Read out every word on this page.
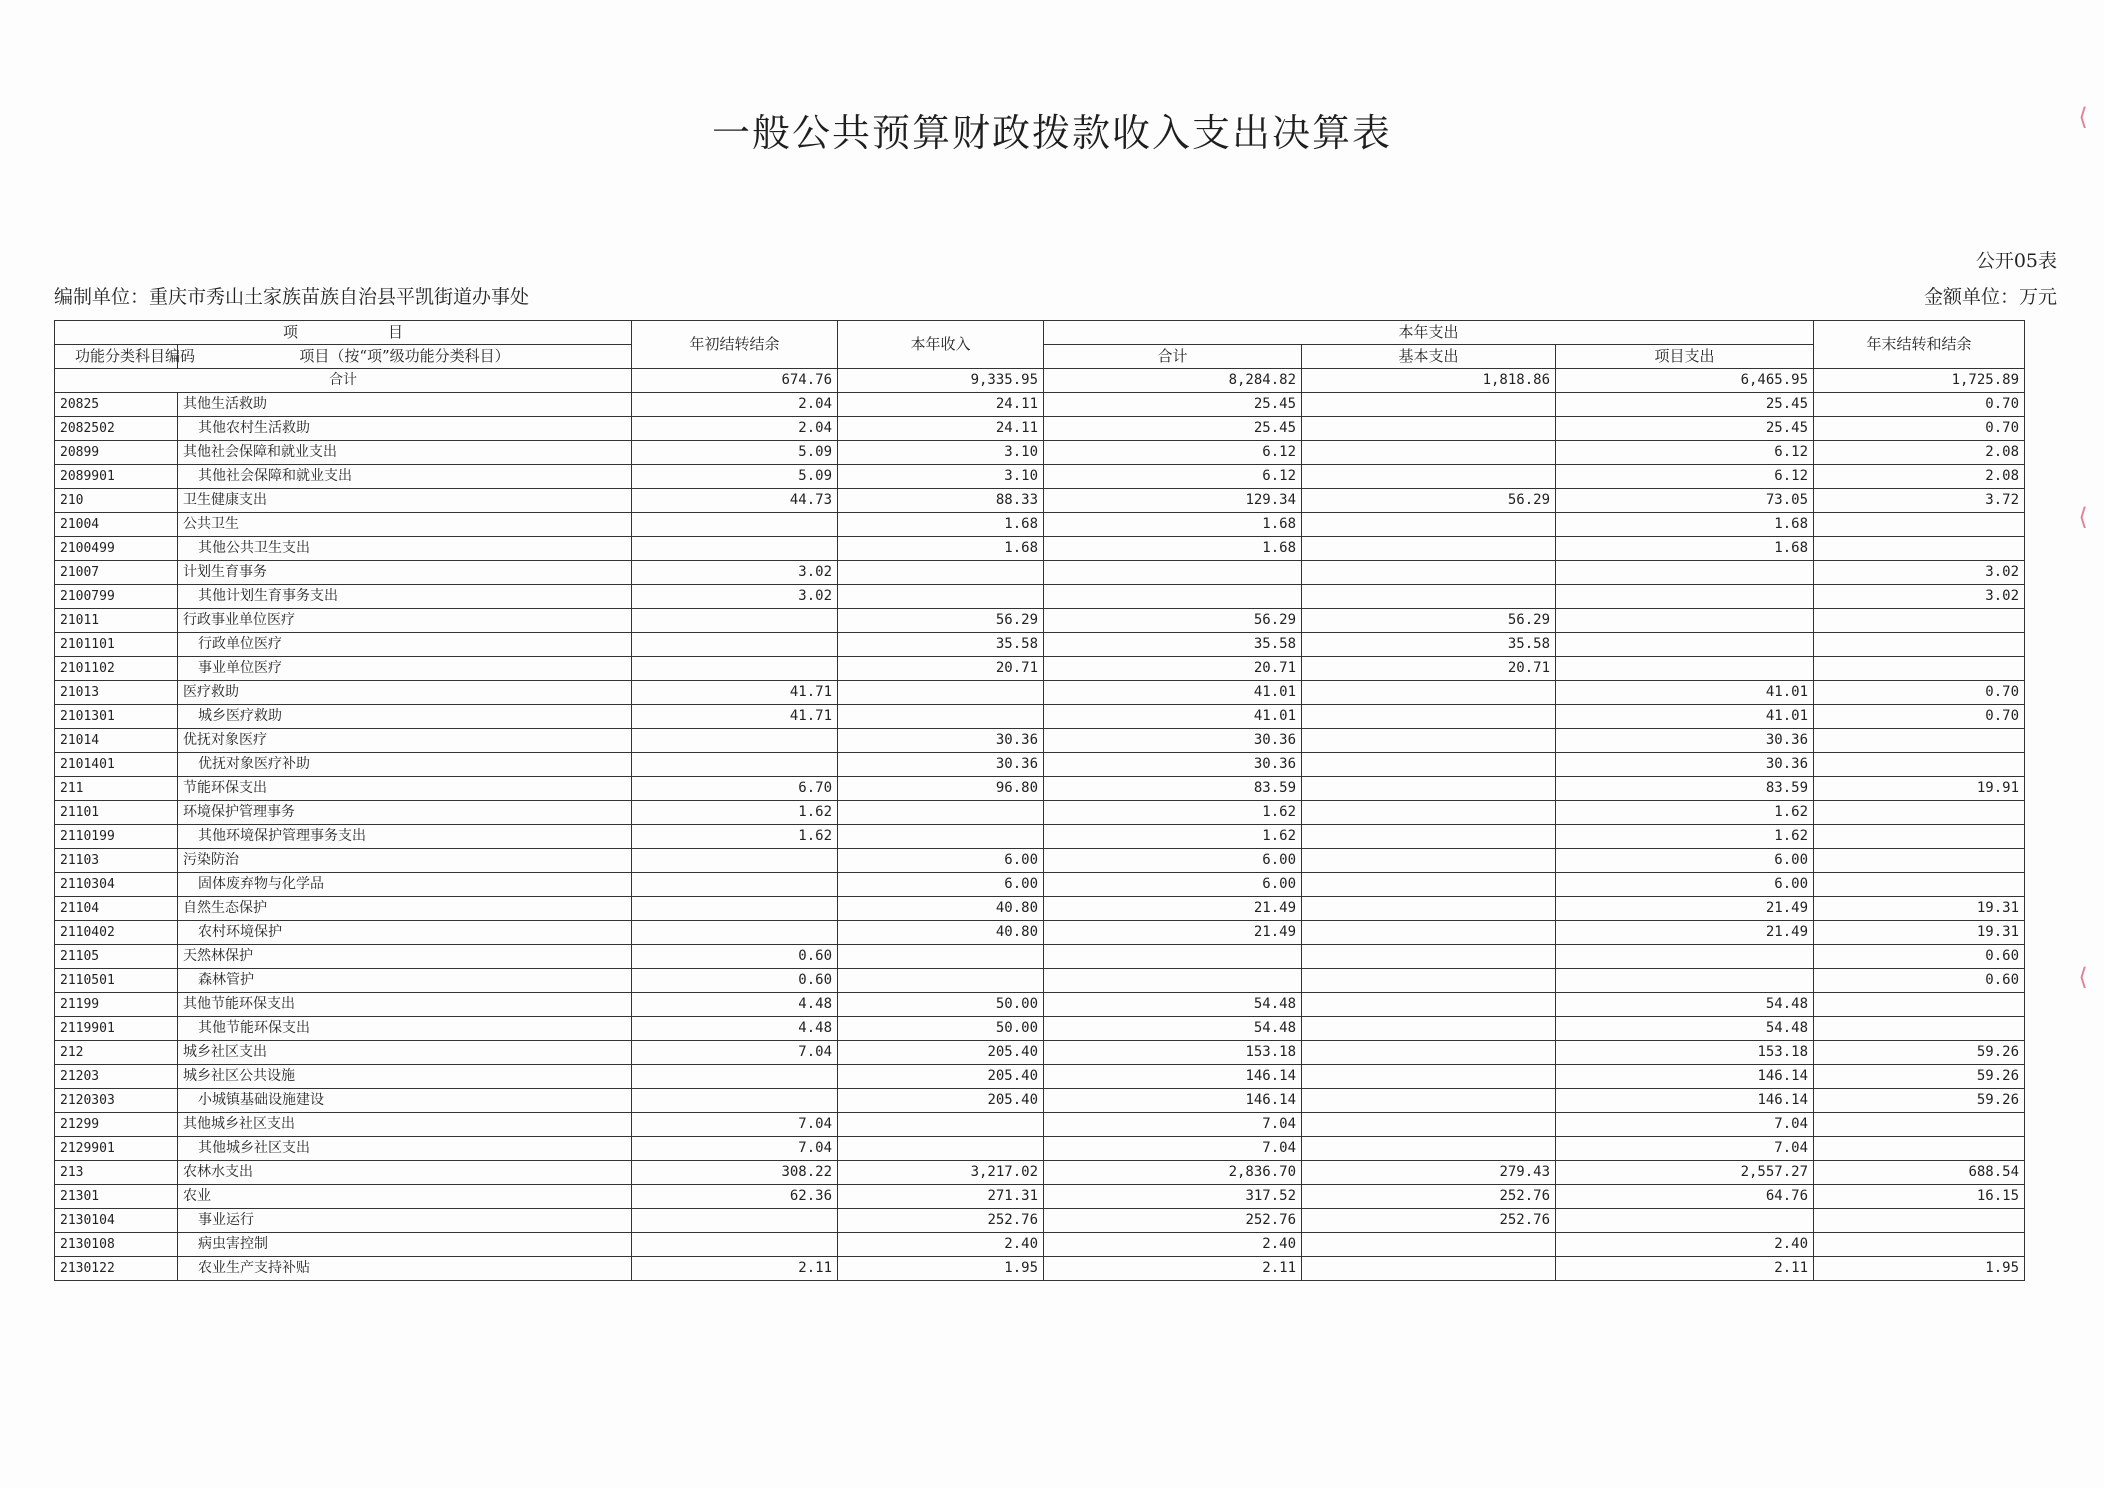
一般公共预算财政拨款收入支出决算表
公开05表
编制单位：重庆市秀山土家族苗族自治县平凯街道办事处	金额单位：万元
项　　　　　　目		年初结转结余	本年收入	本年支出			年末结转和结余
功能分类科目编码	项目（按“项”级功能分类科目）			合计	基本支出	项目支出	
合计		674.76	9,335.95	8,284.82	1,818.86	6,465.95	1,725.89
20825	其他生活救助	2.04	24.11	25.45		25.45	0.70
2082502	其他农村生活救助	2.04	24.11	25.45		25.45	0.70
20899	其他社会保障和就业支出	5.09	3.10	6.12		6.12	2.08
2089901	其他社会保障和就业支出	5.09	3.10	6.12		6.12	2.08
210	卫生健康支出	44.73	88.33	129.34	56.29	73.05	3.72
21004	公共卫生		1.68	1.68		1.68	
2100499	其他公共卫生支出		1.68	1.68		1.68	
21007	计划生育事务	3.02					3.02
2100799	其他计划生育事务支出	3.02					3.02
21011	行政事业单位医疗		56.29	56.29	56.29		
2101101	行政单位医疗		35.58	35.58	35.58		
2101102	事业单位医疗		20.71	20.71	20.71		
21013	医疗救助	41.71		41.01		41.01	0.70
2101301	城乡医疗救助	41.71		41.01		41.01	0.70
21014	优抚对象医疗		30.36	30.36		30.36	
2101401	优抚对象医疗补助		30.36	30.36		30.36	
211	节能环保支出	6.70	96.80	83.59		83.59	19.91
21101	环境保护管理事务	1.62		1.62		1.62	
2110199	其他环境保护管理事务支出	1.62		1.62		1.62	
21103	污染防治		6.00	6.00		6.00	
2110304	固体废弃物与化学品		6.00	6.00		6.00	
21104	自然生态保护		40.80	21.49		21.49	19.31
2110402	农村环境保护		40.80	21.49		21.49	19.31
21105	天然林保护	0.60					0.60
2110501	森林管护	0.60					0.60
21199	其他节能环保支出	4.48	50.00	54.48		54.48	
2119901	其他节能环保支出	4.48	50.00	54.48		54.48	
212	城乡社区支出	7.04	205.40	153.18		153.18	59.26
21203	城乡社区公共设施		205.40	146.14		146.14	59.26
2120303	小城镇基础设施建设		205.40	146.14		146.14	59.26
21299	其他城乡社区支出	7.04		7.04		7.04	
2129901	其他城乡社区支出	7.04		7.04		7.04	
213	农林水支出	308.22	3,217.02	2,836.70	279.43	2,557.27	688.54
21301	农业	62.36	271.31	317.52	252.76	64.76	16.15
2130104	事业运行		252.76	252.76	252.76		
2130108	病虫害控制		2.40	2.40		2.40	
2130122	农业生产支持补贴	2.11	1.95	2.11		2.11	1.95
⟨
⟨
⟨
